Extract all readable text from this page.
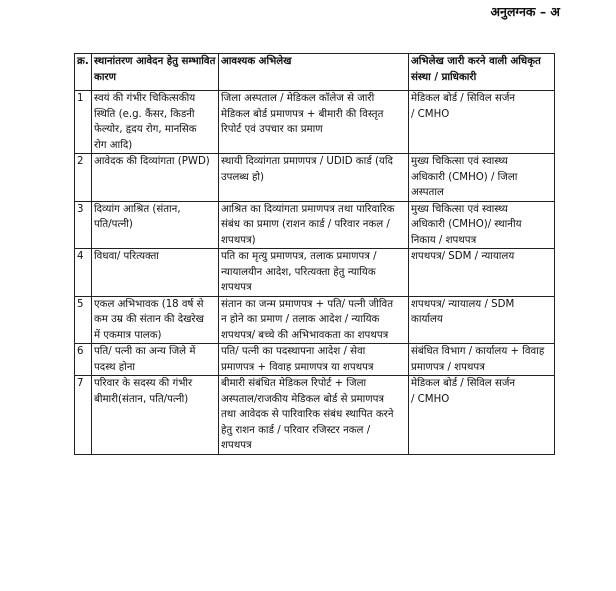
अनुलग्नक – अ
क्र.	स्थानांतरण आवेदन हेतु सम्भावित कारण	आवश्यक अभिलेख	अभिलेख जारी करने वाली अधिकृत संस्था / प्राधिकारी
1	स्वयं की गंभीर चिकित्सकीय
स्थिति (e.g. कैंसर, किडनी
फेल्योर, हृदय रोग, मानसिक
रोग आदि)	जिला अस्पताल / मेडिकल कॉलेज से जारी
मेडिकल बोर्ड प्रमाणपत्र + बीमारी की विस्तृत
रिपोर्ट एवं उपचार का प्रमाण	मेडिकल बोर्ड / सिविल सर्जन
/ CMHO

2	आवेदक की दिव्यांगता (PWD)	स्थायी दिव्यांगता प्रमाणपत्र / UDID कार्ड (यदि
उपलब्ध हो)	मुख्य चिकित्सा एवं स्वास्थ्य
अधिकारी (CMHO) / जिला
अस्पताल

3	दिव्यांग आश्रित (संतान,
पति/पत्नी)	आश्रित का दिव्यांगता प्रमाणपत्र तथा पारिवारिक
संबंध का प्रमाण (राशन कार्ड / परिवार नकल /
शपथपत्र)	मुख्य चिकित्सा एवं स्वास्थ्य
अधिकारी (CMHO)/ स्थानीय
निकाय / शपथपत्र

4	विधवा/ परित्यक्ता	पति का मृत्यु प्रमाणपत्र, तलाक प्रमाणपत्र /
न्यायालयीन आदेश, परित्यक्ता हेतु न्यायिक
शपथपत्र	शपथपत्र/ SDM / न्यायालय

5	एकल अभिभावक (18 वर्ष से
कम उम्र की संतान की देखरेख
में एकमात्र पालक)	संतान का जन्म प्रमाणपत्र + पति/ पत्नी जीवित
न होने का प्रमाण / तलाक आदेश / न्यायिक
शपथपत्र/ बच्चे की अभिभावकता का शपथपत्र	शपथपत्र/ न्यायालय / SDM
कार्यालय

6	पति/ पत्नी का अन्य जिले में
पदस्थ होना	पति/ पत्नी का पदस्थापना आदेश / सेवा
प्रमाणपत्र + विवाह प्रमाणपत्र या शपथपत्र	संबंधित विभाग / कार्यालय + विवाह
प्रमाणपत्र / शपथपत्र

7	परिवार के सदस्य की गंभीर
बीमारी(संतान, पति/पत्नी)	बीमारी संबंधित मेडिकल रिपोर्ट + जिला
अस्पताल/राजकीय मेडिकल बोर्ड से प्रमाणपत्र
तथा आवेदक से पारिवारिक संबंध स्थापित करने
हेतु राशन कार्ड / परिवार रजिस्टर नकल /
शपथपत्र	मेडिकल बोर्ड / सिविल सर्जन
/ CMHO
